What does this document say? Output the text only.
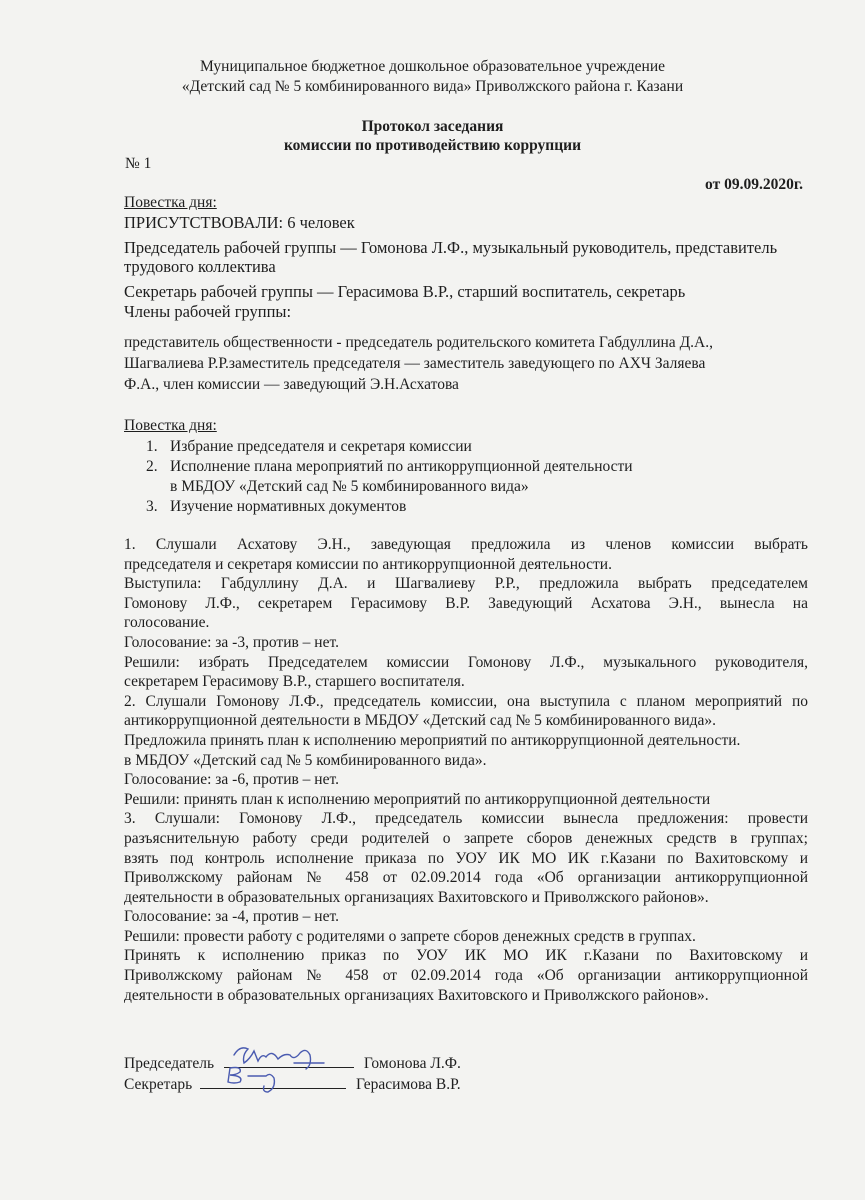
Муниципальное бюджетное дошкольное образовательное учреждение
«Детский сад № 5 комбинированного вида» Приволжского района г. Казани
Протокол заседания
комиссии по противодействию коррупции
№ 1
от 09.09.2020г.
Повестка дня:
ПРИСУТСТВОВАЛИ: 6 человек
Председатель рабочей группы — Гомонова Л.Ф., музыкальный руководитель, представитель
трудового коллектива
Секретарь рабочей группы — Герасимова В.Р., старший воспитатель, секретарь
Члены рабочей группы:
представитель общественности - председатель родительского комитета Габдуллина Д.А.,
Шагвалиева Р.Р.заместитель председателя — заместитель заведующего по АХЧ Заляева
Ф.А., член комиссии — заведующий Э.Н.Асхатова
Повестка дня:
1. Избрание председателя и секретаря комиссии
2. Исполнение плана мероприятий по антикоррупционной деятельности
в МБДОУ «Детский сад № 5 комбинированного вида»
3. Изучение нормативных документов
1. Слушали Асхатову Э.Н., заведующая предложила из членов комиссии выбрать
председателя и секретаря комиссии по антикоррупционной деятельности.
Выступила: Габдуллину Д.А. и Шагвалиеву Р.Р., предложила выбрать председателем
Гомонову Л.Ф., секретарем Герасимову В.Р. Заведующий Асхатова Э.Н., вынесла на
голосование.
Голосование: за -3, против – нет.
Решили: избрать Председателем комиссии Гомонову Л.Ф., музыкального руководителя,
секретарем Герасимову В.Р., старшего воспитателя.
2. Слушали Гомонову Л.Ф., председатель комиссии, она выступила с планом мероприятий по
антикоррупционной деятельности в МБДОУ «Детский сад № 5 комбинированного вида».
Предложила принять план к исполнению мероприятий по антикоррупционной деятельности.
в МБДОУ «Детский сад № 5 комбинированного вида».
Голосование: за -6, против – нет.
Решили: принять план к исполнению мероприятий по антикоррупционной деятельности
3. Слушали: Гомонову Л.Ф., председатель комиссии вынесла предложения: провести
разъяснительную работу среди родителей о запрете сборов денежных средств в группах;
взять под контроль исполнение приказа по УОУ ИК МО ИК г.Казани по Вахитовскому и
Приволжскому районам № 458 от 02.09.2014 года «Об организации антикоррупционной
деятельности в образовательных организациях Вахитовского и Приволжского районов».
Голосование: за -4, против – нет.
Решили: провести работу с родителями о запрете сборов денежных средств в группах.
Принять к исполнению приказ по УОУ ИК МО ИК г.Казани по Вахитовскому и
Приволжскому районам № 458 от 02.09.2014 года «Об организации антикоррупционной
деятельности в образовательных организациях Вахитовского и Приволжского районов».
Председатель	Гомонова Л.Ф.
Секретарь	Герасимова В.Р.
